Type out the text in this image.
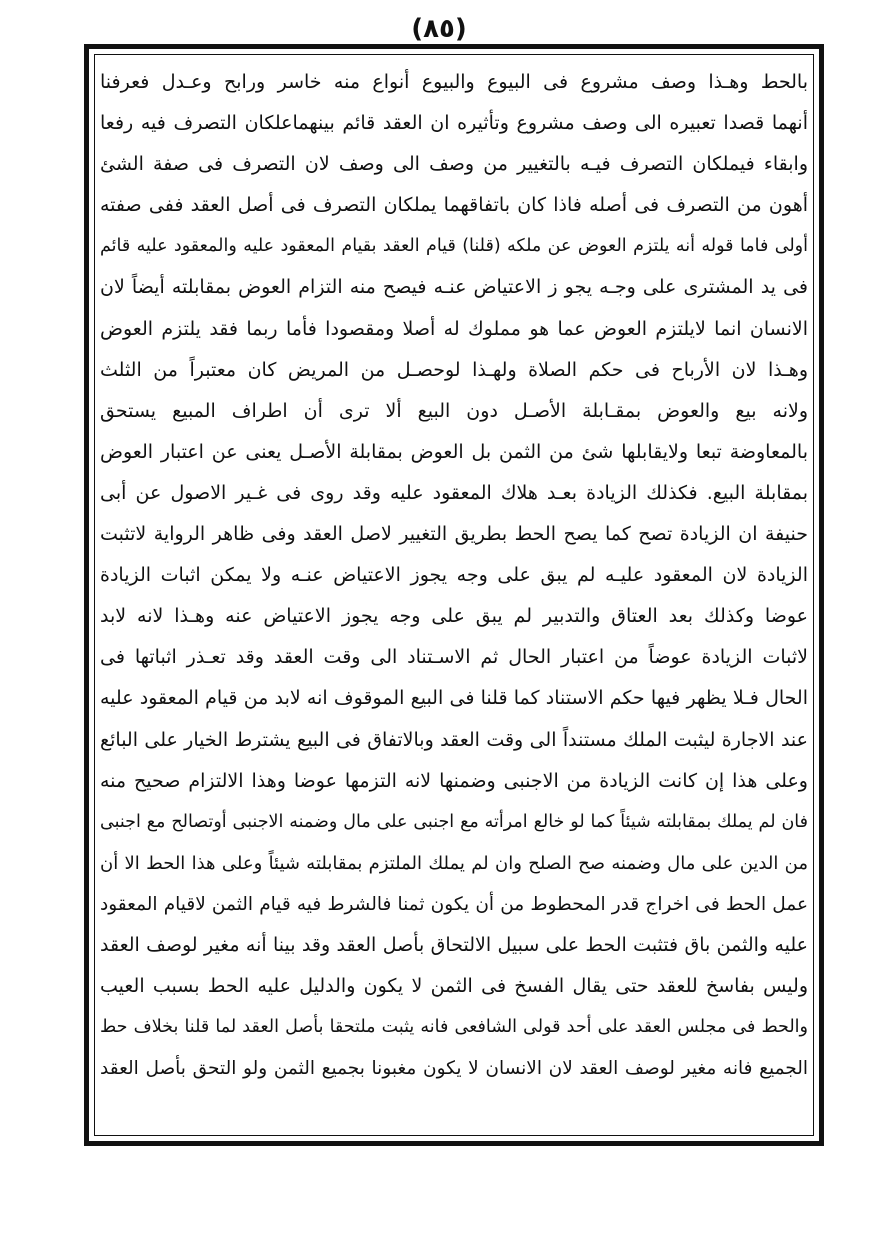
(٨٥)
بالحط وهـذا وصف مشروع فى البيوع والبيوع أنواع منه خاسر ورابح وعـدل فعرفنا
أنهما قصدا تعبيره الى وصف مشروع وتأثيره ان العقد قائم بينهماعلكان التصرف فيه رفعا
وابقاء فيملكان التصرف فيـه بالتغيير من وصف الى وصف لان التصرف فى صفة الشئ
أهون من التصرف فى أصله فاذا كان باتفاقهما يملكان التصرف فى أصل العقد ففى صفته
أولى فاما قوله أنه يلتزم العوض عن ملكه (قلنا) قيام العقد بقيام المعقود عليه والمعقود عليه قائم
فى يد المشترى على وجـه يجو ز الاعتياض عنـه فيصح منه التزام العوض بمقابلته أيضاً لان
الانسان انما لايلتزم العوض عما هو مملوك له أصلا ومقصودا فأما ربما فقد يلتزم العوض
وهـذا لان الأرباح فى حكم الصلاة ولهـذا لوحصـل من المريض كان معتبراً من الثلث
ولانه بيع والعوض بمقـابلة الأصـل دون البيع ألا ترى أن اطراف المبيع يستحق
بالمعاوضة تبعا ولايقابلها شئ من الثمن بل العوض بمقابلة الأصـل يعنى عن اعتبار العوض
بمقابلة البيع. فكذلك الزيادة بعـد هلاك المعقود عليه وقد روى فى غـير الاصول عن أبى
حنيفة ان الزيادة تصح كما يصح الحط بطريق التغيير لاصل العقد وفى ظاهر الرواية لاتثبت
الزيادة لان المعقود عليـه لم يبق على وجه يجوز الاعتياض عنـه ولا يمكن اثبات الزيادة
عوضا وكذلك بعد العتاق والتدبير لم يبق على وجه يجوز الاعتياض عنه وهـذا لانه لابد
لاثبات الزيادة عوضاً من اعتبار الحال ثم الاسـتناد الى وقت العقد وقد تعـذر اثباتها فى
الحال فـلا يظهر فيها حكم الاستناد كما قلنا فى البيع الموقوف انه لابد من قيام المعقود عليه
عند الاجارة ليثبت الملك مستنداً الى وقت العقد وبالاتفاق فى البيع يشترط الخيار على البائع
وعلى هذا إن كانت الزيادة من الاجنبى وضمنها لانه التزمها عوضا وهذا الالتزام صحيح منه
فان لم يملك بمقابلته شيئاً كما لو خالع امرأته مع اجنبى على مال وضمنه الاجنبى أوتصالح مع اجنبى
من الدين على مال وضمنه صح الصلح وان لم يملك الملتزم بمقابلته شيئاً وعلى هذا الحط الا أن
عمل الحط فى اخراج قدر المحطوط من أن يكون ثمنا فالشرط فيه قيام الثمن لاقيام المعقود
عليه والثمن باق فتثبت الحط على سبيل الالتحاق بأصل العقد وقد بينا أنه مغير لوصف العقد
وليس بفاسخ للعقد حتى يقال الفسخ فى الثمن لا يكون والدليل عليه الحط بسبب العيب
والحط فى مجلس العقد على أحد قولى الشافعى فانه يثبت ملتحقا بأصل العقد لما قلنا بخلاف حط
الجميع فانه مغير لوصف العقد لان الانسان لا يكون مغبونا بجميع الثمن ولو التحق بأصل العقد
